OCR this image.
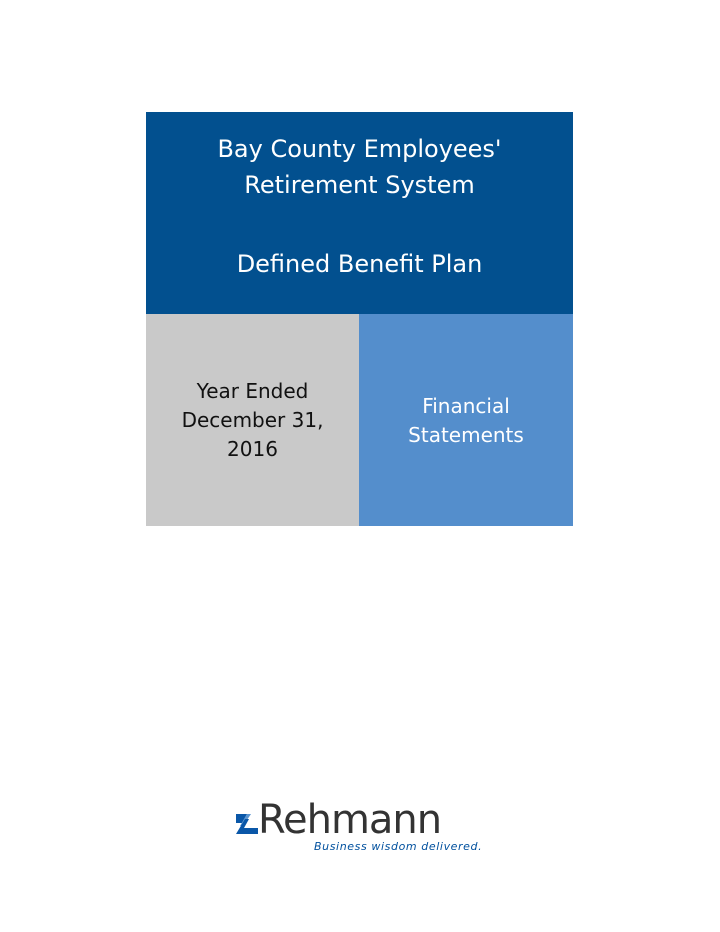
Bay County Employees'
Retirement System
Defined Benefit Plan
Year Ended
December 31,
2016
Financial
Statements
Rehmann
Business wisdom delivered.
